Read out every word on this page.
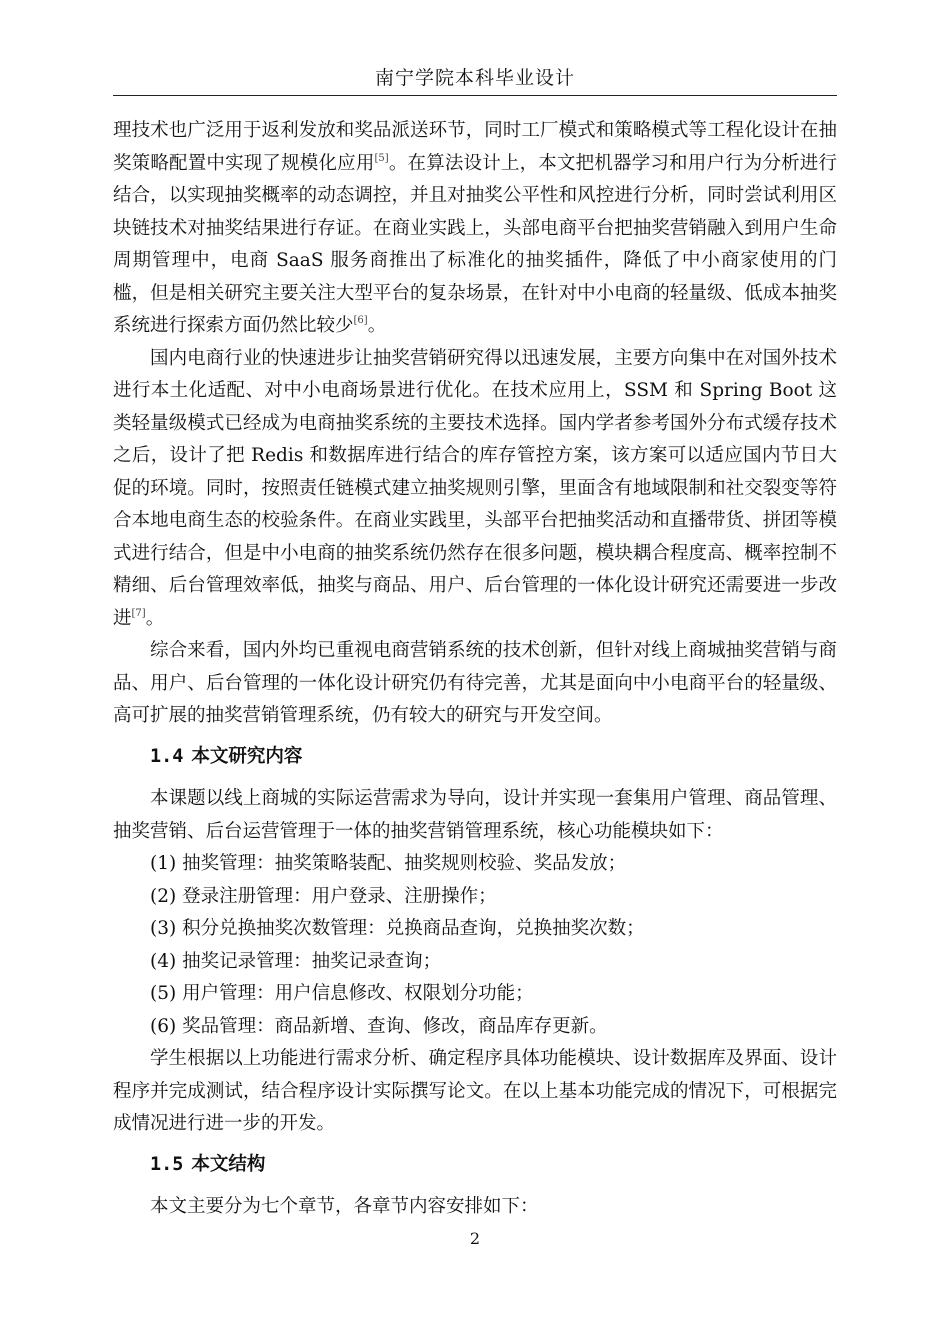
南宁学院本科毕业设计

理技术也广泛用于返利发放和奖品派送环节，同时工厂模式和策略模式等工程化设计在抽奖策略配置中实现了规模化应用[5]。在算法设计上，本文把机器学习和用户行为分析进行结合，以实现抽奖概率的动态调控，并且对抽奖公平性和风控进行分析，同时尝试利用区块链技术对抽奖结果进行存证。在商业实践上，头部电商平台把抽奖营销融入到用户生命周期管理中，电商 SaaS 服务商推出了标准化的抽奖插件，降低了中小商家使用的门槛，但是相关研究主要关注大型平台的复杂场景，在针对中小电商的轻量级、低成本抽奖系统进行探索方面仍然比较少[6]。

国内电商行业的快速进步让抽奖营销研究得以迅速发展，主要方向集中在对国外技术进行本土化适配、对中小电商场景进行优化。在技术应用上，SSM 和 Spring Boot 这类轻量级模式已经成为电商抽奖系统的主要技术选择。国内学者参考国外分布式缓存技术之后，设计了把 Redis 和数据库进行结合的库存管控方案，该方案可以适应国内节日大促的环境。同时，按照责任链模式建立抽奖规则引擎，里面含有地域限制和社交裂变等符合本地电商生态的校验条件。在商业实践里，头部平台把抽奖活动和直播带货、拼团等模式进行结合，但是中小电商的抽奖系统仍然存在很多问题，模块耦合程度高、概率控制不精细、后台管理效率低，抽奖与商品、用户、后台管理的一体化设计研究还需要进一步改进[7]。

综合来看，国内外均已重视电商营销系统的技术创新，但针对线上商城抽奖营销与商品、用户、后台管理的一体化设计研究仍有待完善，尤其是面向中小电商平台的轻量级、高可扩展的抽奖营销管理系统，仍有较大的研究与开发空间。

1.4 本文研究内容

本课题以线上商城的实际运营需求为导向，设计并实现一套集用户管理、商品管理、抽奖营销、后台运营管理于一体的抽奖营销管理系统，核心功能模块如下：

(1) 抽奖管理：抽奖策略装配、抽奖规则校验、奖品发放；

(2) 登录注册管理：用户登录、注册操作；

(3) 积分兑换抽奖次数管理：兑换商品查询，兑换抽奖次数；

(4) 抽奖记录管理：抽奖记录查询；

(5) 用户管理：用户信息修改、权限划分功能；

(6) 奖品管理：商品新增、查询、修改，商品库存更新。

学生根据以上功能进行需求分析、确定程序具体功能模块、设计数据库及界面、设计程序并完成测试，结合程序设计实际撰写论文。在以上基本功能完成的情况下，可根据完成情况进行进一步的开发。

1.5 本文结构

本文主要分为七个章节，各章节内容安排如下：

2
